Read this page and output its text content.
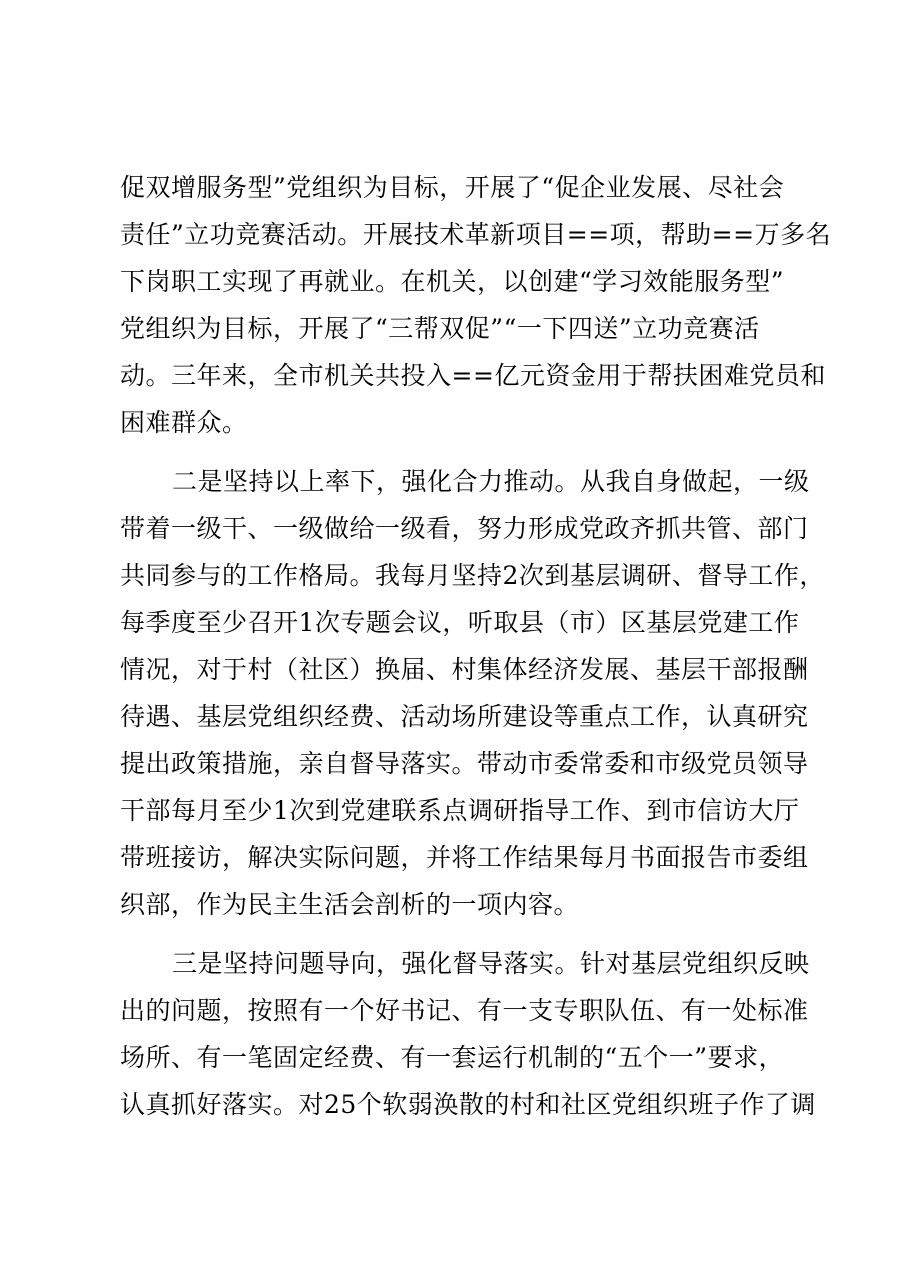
促双增服务型”党组织为目标，开展了“促企业发展、尽社会
责任”立功竞赛活动。开展技术革新项目==项，帮助==万多名
下岗职工实现了再就业。在机关，以创建“学习效能服务型”
党组织为目标，开展了“三帮双促”“一下四送”立功竞赛活
动。三年来，全市机关共投入==亿元资金用于帮扶困难党员和
困难群众。

二是坚持以上率下，强化合力推动。从我自身做起，一级
带着一级干、一级做给一级看，努力形成党政齐抓共管、部门
共同参与的工作格局。我每月坚持2次到基层调研、督导工作，
每季度至少召开1次专题会议，听取县（市）区基层党建工作
情况，对于村（社区）换届、村集体经济发展、基层干部报酬
待遇、基层党组织经费、活动场所建设等重点工作，认真研究
提出政策措施，亲自督导落实。带动市委常委和市级党员领导
干部每月至少1次到党建联系点调研指导工作、到市信访大厅
带班接访，解决实际问题，并将工作结果每月书面报告市委组
织部，作为民主生活会剖析的一项内容。

三是坚持问题导向，强化督导落实。针对基层党组织反映
出的问题，按照有一个好书记、有一支专职队伍、有一处标准
场所、有一笔固定经费、有一套运行机制的“五个一”要求，
认真抓好落实。对25个软弱涣散的村和社区党组织班子作了调
